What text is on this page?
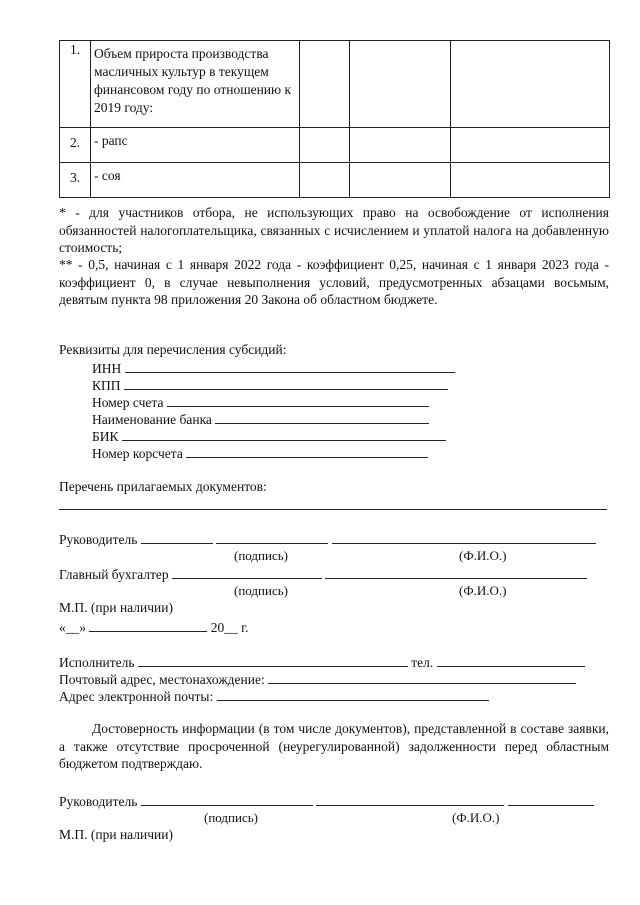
1.	Объем прироста производства масличных культур в текущем финансовом году по отношению к 2019 году:			
2.	- рапс			
3.	- соя			
* - для участников отбора, не использующих право на освобождение от исполнения обязанностей налогоплательщика, связанных с исчислением и уплатой налога на добавленную стоимость;
** - 0,5, начиная с 1 января 2022 года - коэффициент 0,25, начиная с 1 января 2023 года - коэффициент 0, в случае невыполнения условий, предусмотренных абзацами восьмым, девятым пункта 98 приложения 20 Закона об областном бюджете.
Реквизиты для перечисления субсидий:
ИНН
КПП
Номер счета
Наименование банка
БИК
Номер корсчета
Перечень прилагаемых документов:
Руководитель
(подпись)	(Ф.И.О.)
Главный бухгалтер
(подпись)	(Ф.И.О.)
М.П. (при наличии)
«__»	20__ г.
Исполнитель	тел.
Почтовый адрес, местонахождение:
Адрес электронной почты:
Достоверность информации (в том числе документов), представленной в составе заявки, а также отсутствие просроченной (неурегулированной) задолженности перед областным бюджетом подтверждаю.
Руководитель
(подпись)	(Ф.И.О.)
М.П. (при наличии)
